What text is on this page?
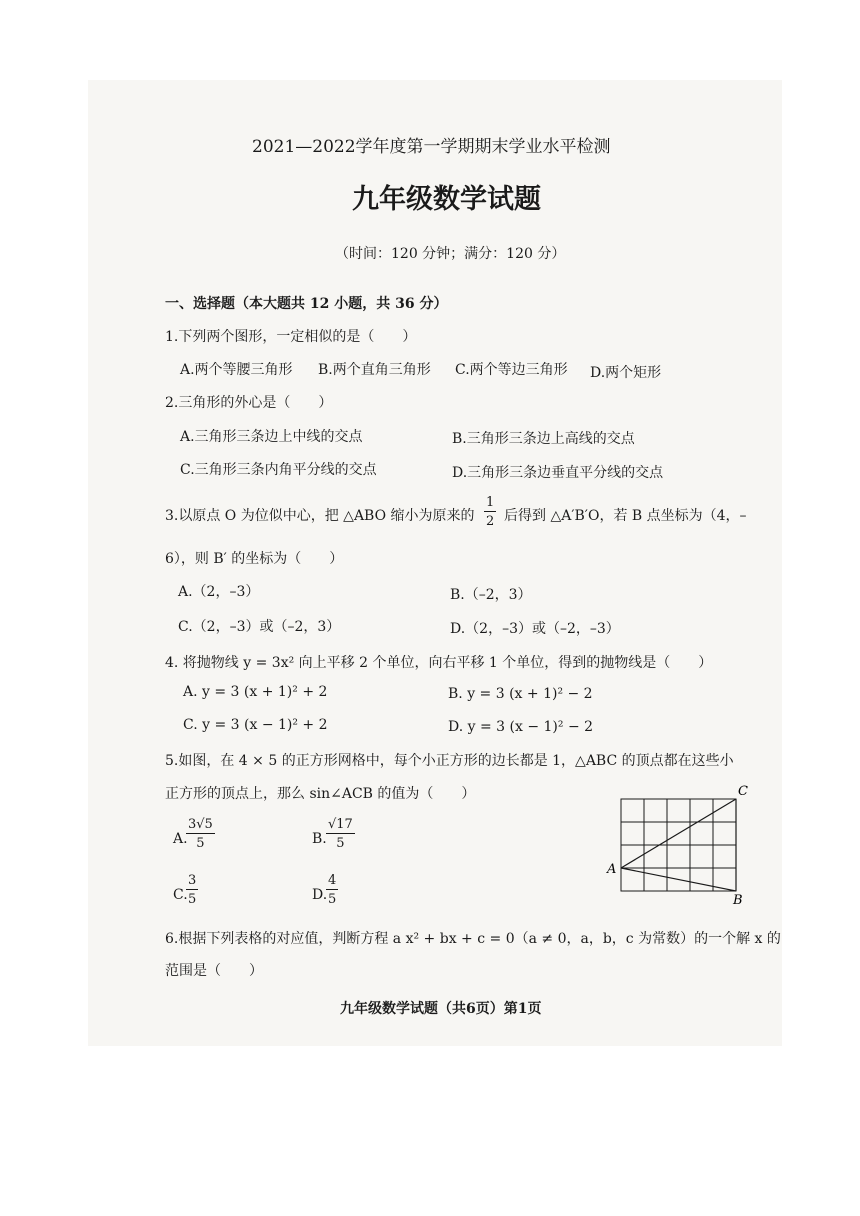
2021—2022学年度第一学期期末学业水平检测
九年级数学试题
（时间：120 分钟；满分：120 分）
一、选择题（本大题共 12 小题，共 36 分）
1.下列两个图形，一定相似的是（　　）
A.两个等腰三角形 B.两个直角三角形 C.两个等边三角形 D.两个矩形
2.三角形的外心是（　　）
A.三角形三条边上中线的交点	B.三角形三条边上高线的交点
C.三角形三条内角平分线的交点	D.三角形三条边垂直平分线的交点
3.以原点 O 为位似中心，把 △ABO 缩小为原来的 $\frac{1}{2}$ 后得到 △A′B′O，若 B 点坐标为（4，–
6），则 B′ 的坐标为（　　）
A.（2，–3）	B.（–2，3）
C.（2，–3）或（–2，3）	D.（2，–3）或（–2，–3）
4. 将抛物线 y = 3x² 向上平移 2 个单位，向右平移 1 个单位，得到的抛物线是（　　）
A. y = 3 (x + 1)² + 2	B. y = 3 (x + 1)² − 2
C. y = 3 (x − 1)² + 2	D. y = 3 (x − 1)² − 2
5.如图，在 4 × 5 的正方形网格中，每个小正方形的边长都是 1，△ABC 的顶点都在这些小
正方形的顶点上，那么 sin∠ACB 的值为（　　）
A.
$\frac{3√5}{5}$	B. $\frac{√17}{5}$
C.
$\frac{3}{5}$	D.
$\frac{4}{5}$
A
B
C
6.根据下列表格的对应值，判断方程 a x² + bx + c = 0（a ≠ 0，a，b，c 为常数）的一个解 x 的
范围是（　　）
九年级数学试题（共6页）第1页
